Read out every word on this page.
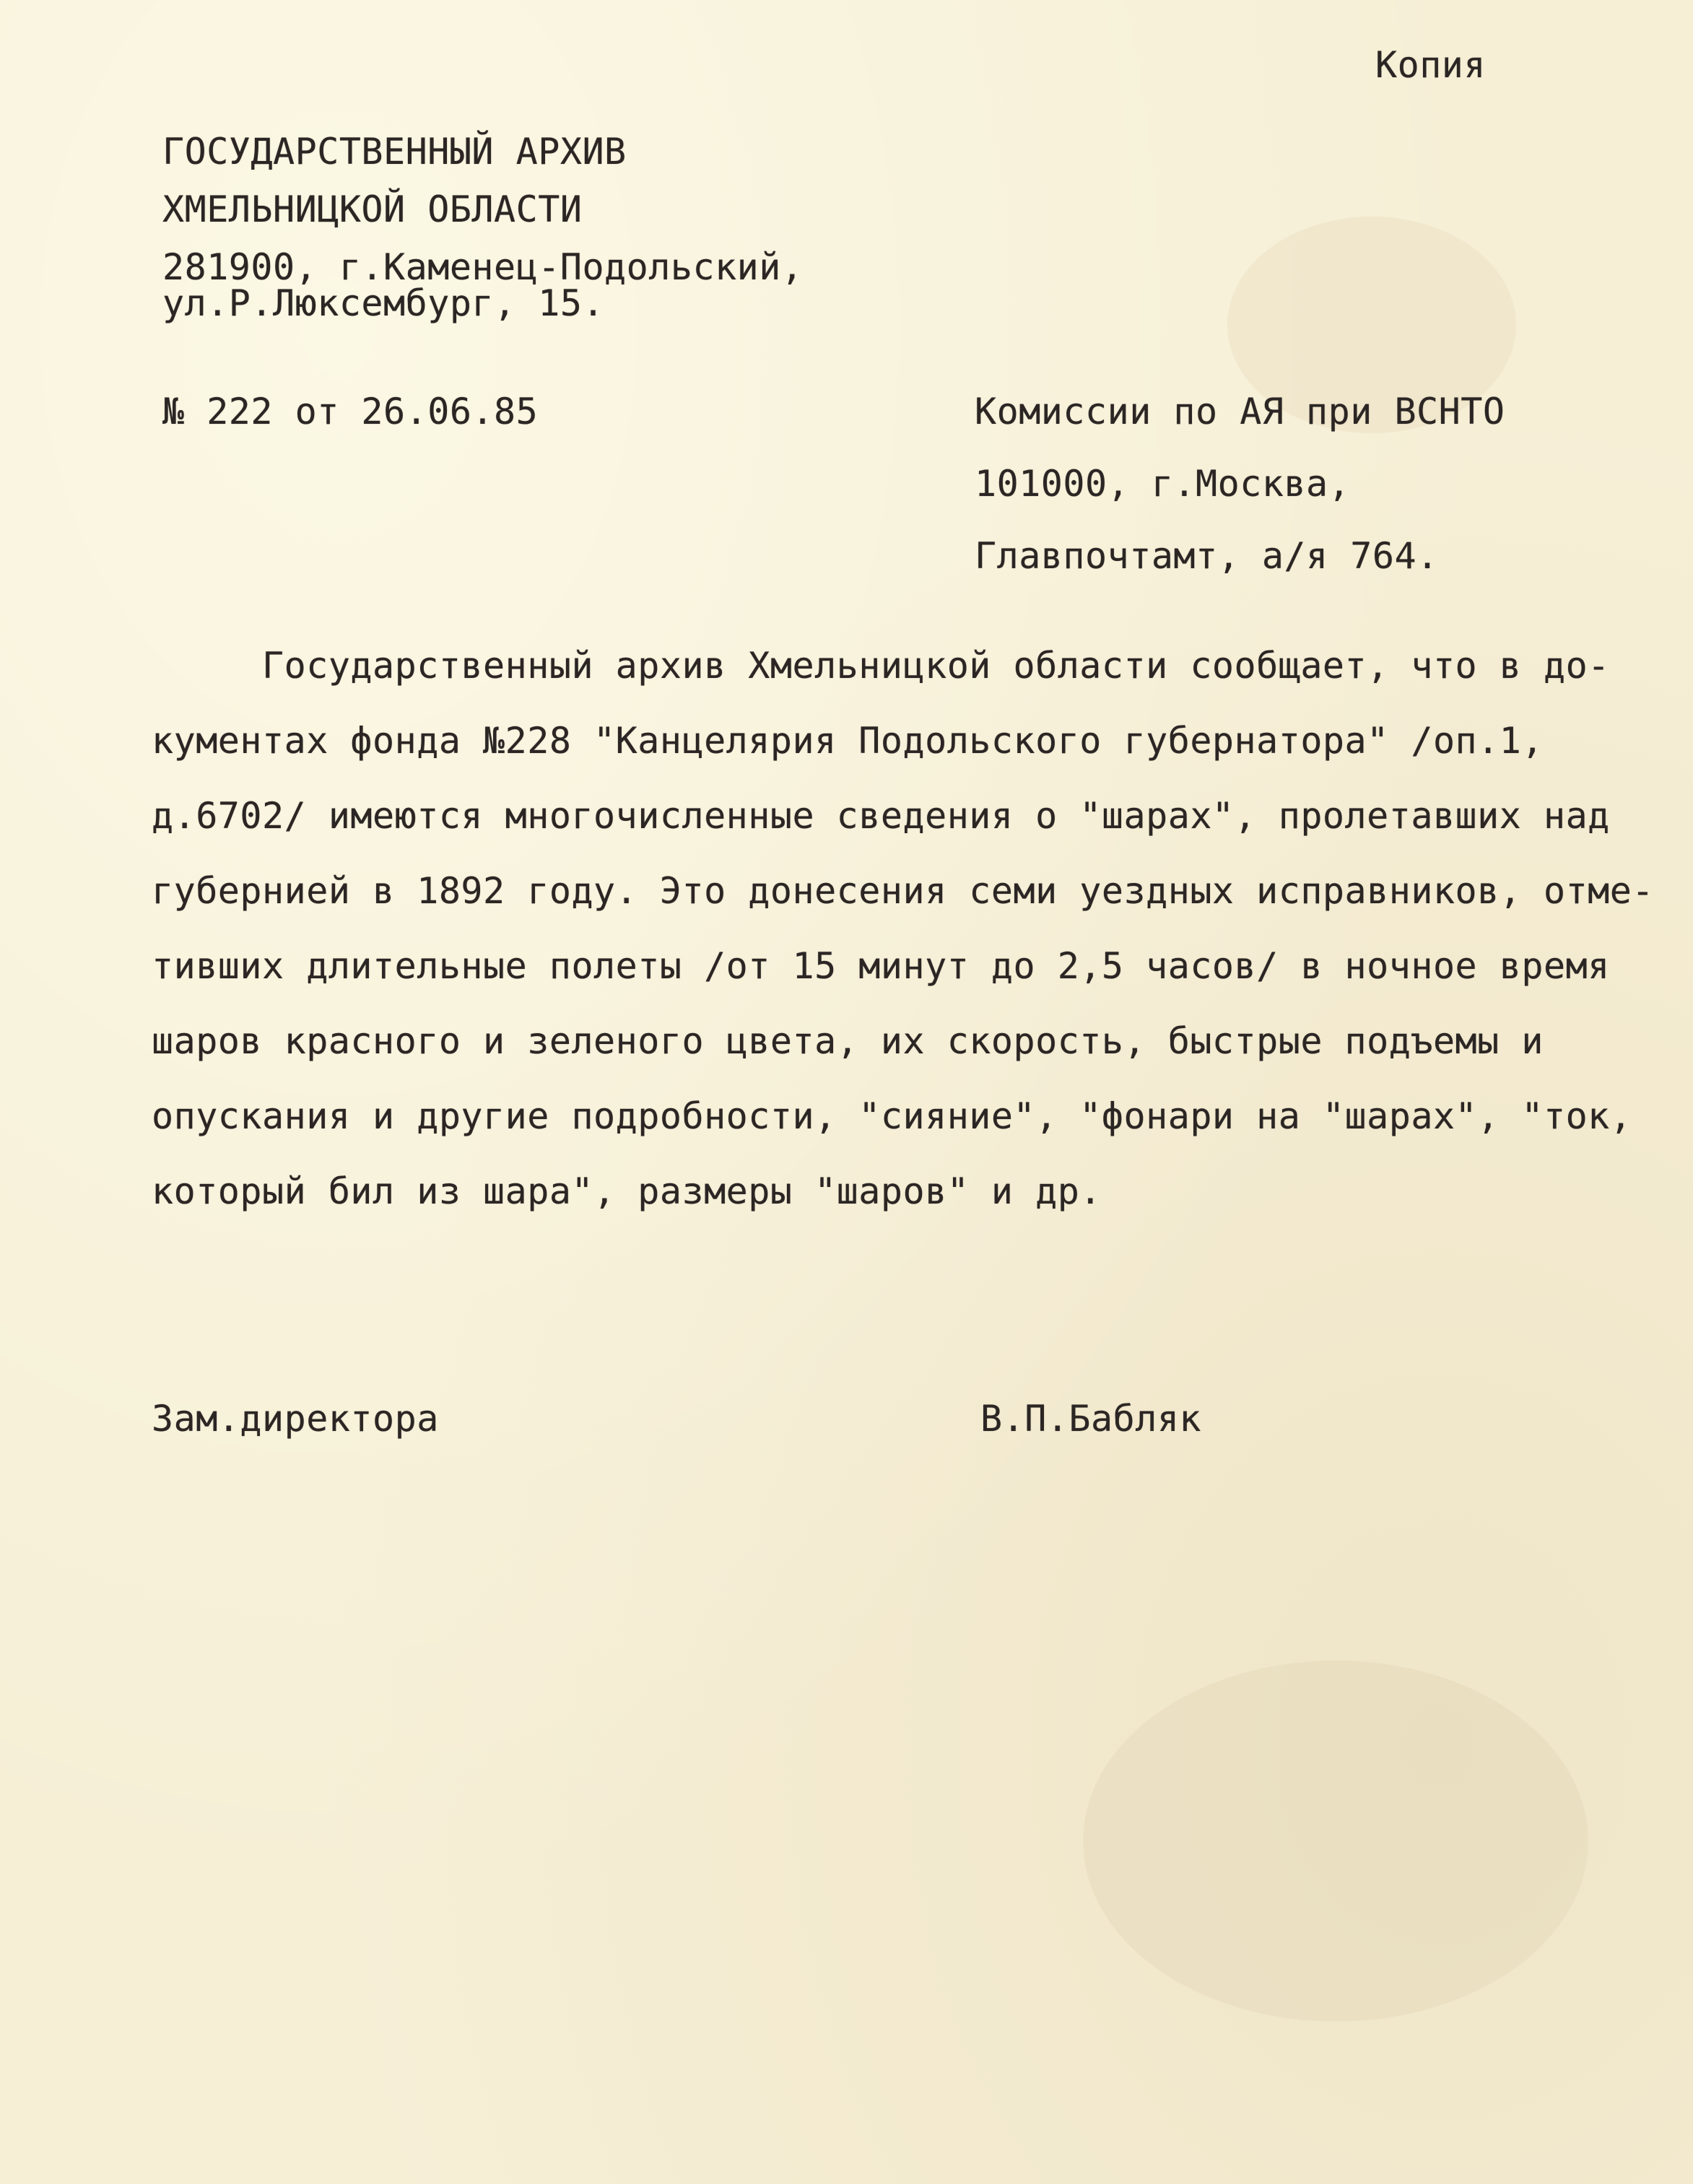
Копия
ГОСУДАРСТВЕННЫЙ АРХИВ
ХМЕЛЬНИЦКОЙ ОБЛАСТИ
281900, г.Каменец-Подольский,
ул.Р.Люксембург, 15.
№ 222 от 26.06.85	Комиссии по АЯ при ВСНТО
101000, г.Москва,
Главпочтамт, а/я 764.
Государственный архив Хмельницкой области сообщает, что в до-
кументах фонда №228 "Канцелярия Подольского губернатора" /оп.1,
д.6702/ имеются многочисленные сведения о "шарах", пролетавших над
губернией в 1892 году. Это донесения семи уездных исправников, отме-
тивших длительные полеты /от 15 минут до 2,5 часов/ в ночное время
шаров красного и зеленого цвета, их скорость, быстрые подъемы и
опускания и другие подробности, "сияние", "фонари на "шарах", "ток,
который бил из шара", размеры "шаров" и др.
Зам.директора	В.П.Бабляк
